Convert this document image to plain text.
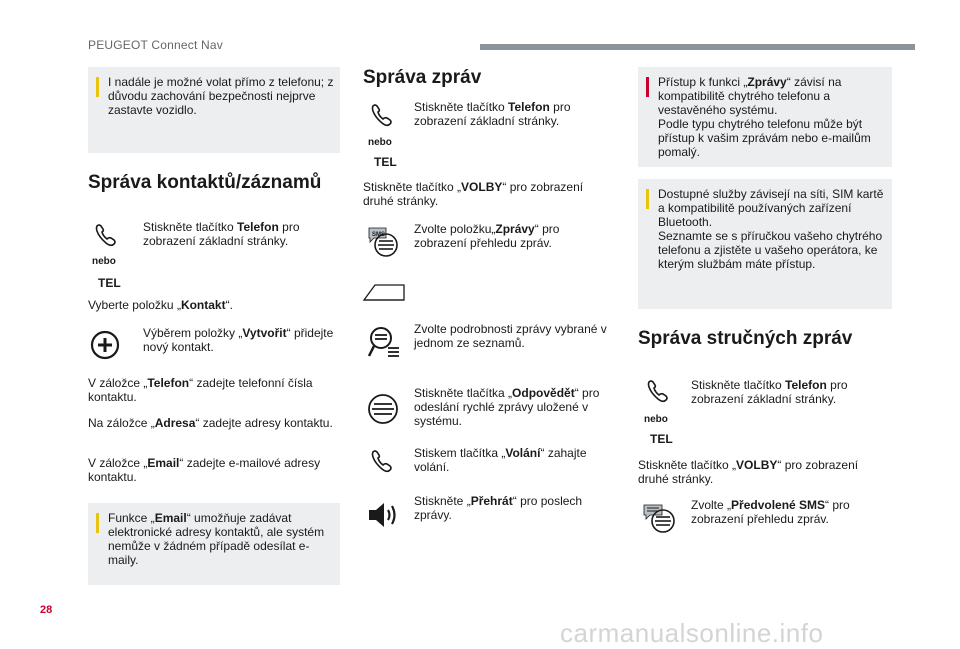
PEUGEOT Connect Nav
I nadále je možné volat přímo z telefonu; z důvodu zachování bezpečnosti nejprve zastavte vozidlo.
Správa kontaktů/záznamů
Stiskněte tlačítko Telefon pro zobrazení základní stránky.
nebo
TEL
Vyberte položku „Kontakt“.
Výběrem položky „Vytvořit“ přidejte nový kontakt.
V záložce „Telefon“ zadejte telefonní čísla kontaktu.
Na záložce „Adresa“ zadejte adresy kontaktu.
V záložce „Email“ zadejte e-mailové adresy kontaktu.
Funkce „Email“ umožňuje zadávat elektronické adresy kontaktů, ale systém nemůže v žádném případě odesílat e-maily.
Správa zpráv
Stiskněte tlačítko Telefon pro zobrazení základní stránky.
nebo
TEL
Stiskněte tlačítko „VOLBY“ pro zobrazení druhé stránky.
SMS Zvolte položku„Zprávy“ pro zobrazení přehledu zpráv.
Zvolte podrobnosti zprávy vybrané v jednom ze seznamů.
Stiskněte tlačítka „Odpovědět“ pro odeslání rychlé zprávy uložené v systému.
Stiskem tlačítka „Volání“ zahajte volání.
Stiskněte „Přehrát“ pro poslech zprávy.
Přístup k funkci „Zprávy“ závisí na kompatibilitě chytrého telefonu a vestavěného systému.
Podle typu chytrého telefonu může být přístup k vašim zprávám nebo e-mailům pomalý.
Dostupné služby závisejí na síti, SIM kartě a kompatibilitě používaných zařízení Bluetooth.
Seznamte se s příručkou vašeho chytrého telefonu a zjistěte u vašeho operátora, ke kterým službám máte přístup.
Správa stručných zpráv
Stiskněte tlačítko Telefon pro zobrazení základní stránky.
nebo
TEL
Stiskněte tlačítko „VOLBY“ pro zobrazení druhé stránky.
Zvolte „Předvolené SMS“ pro zobrazení přehledu zpráv.
28
carmanualsonline.info
